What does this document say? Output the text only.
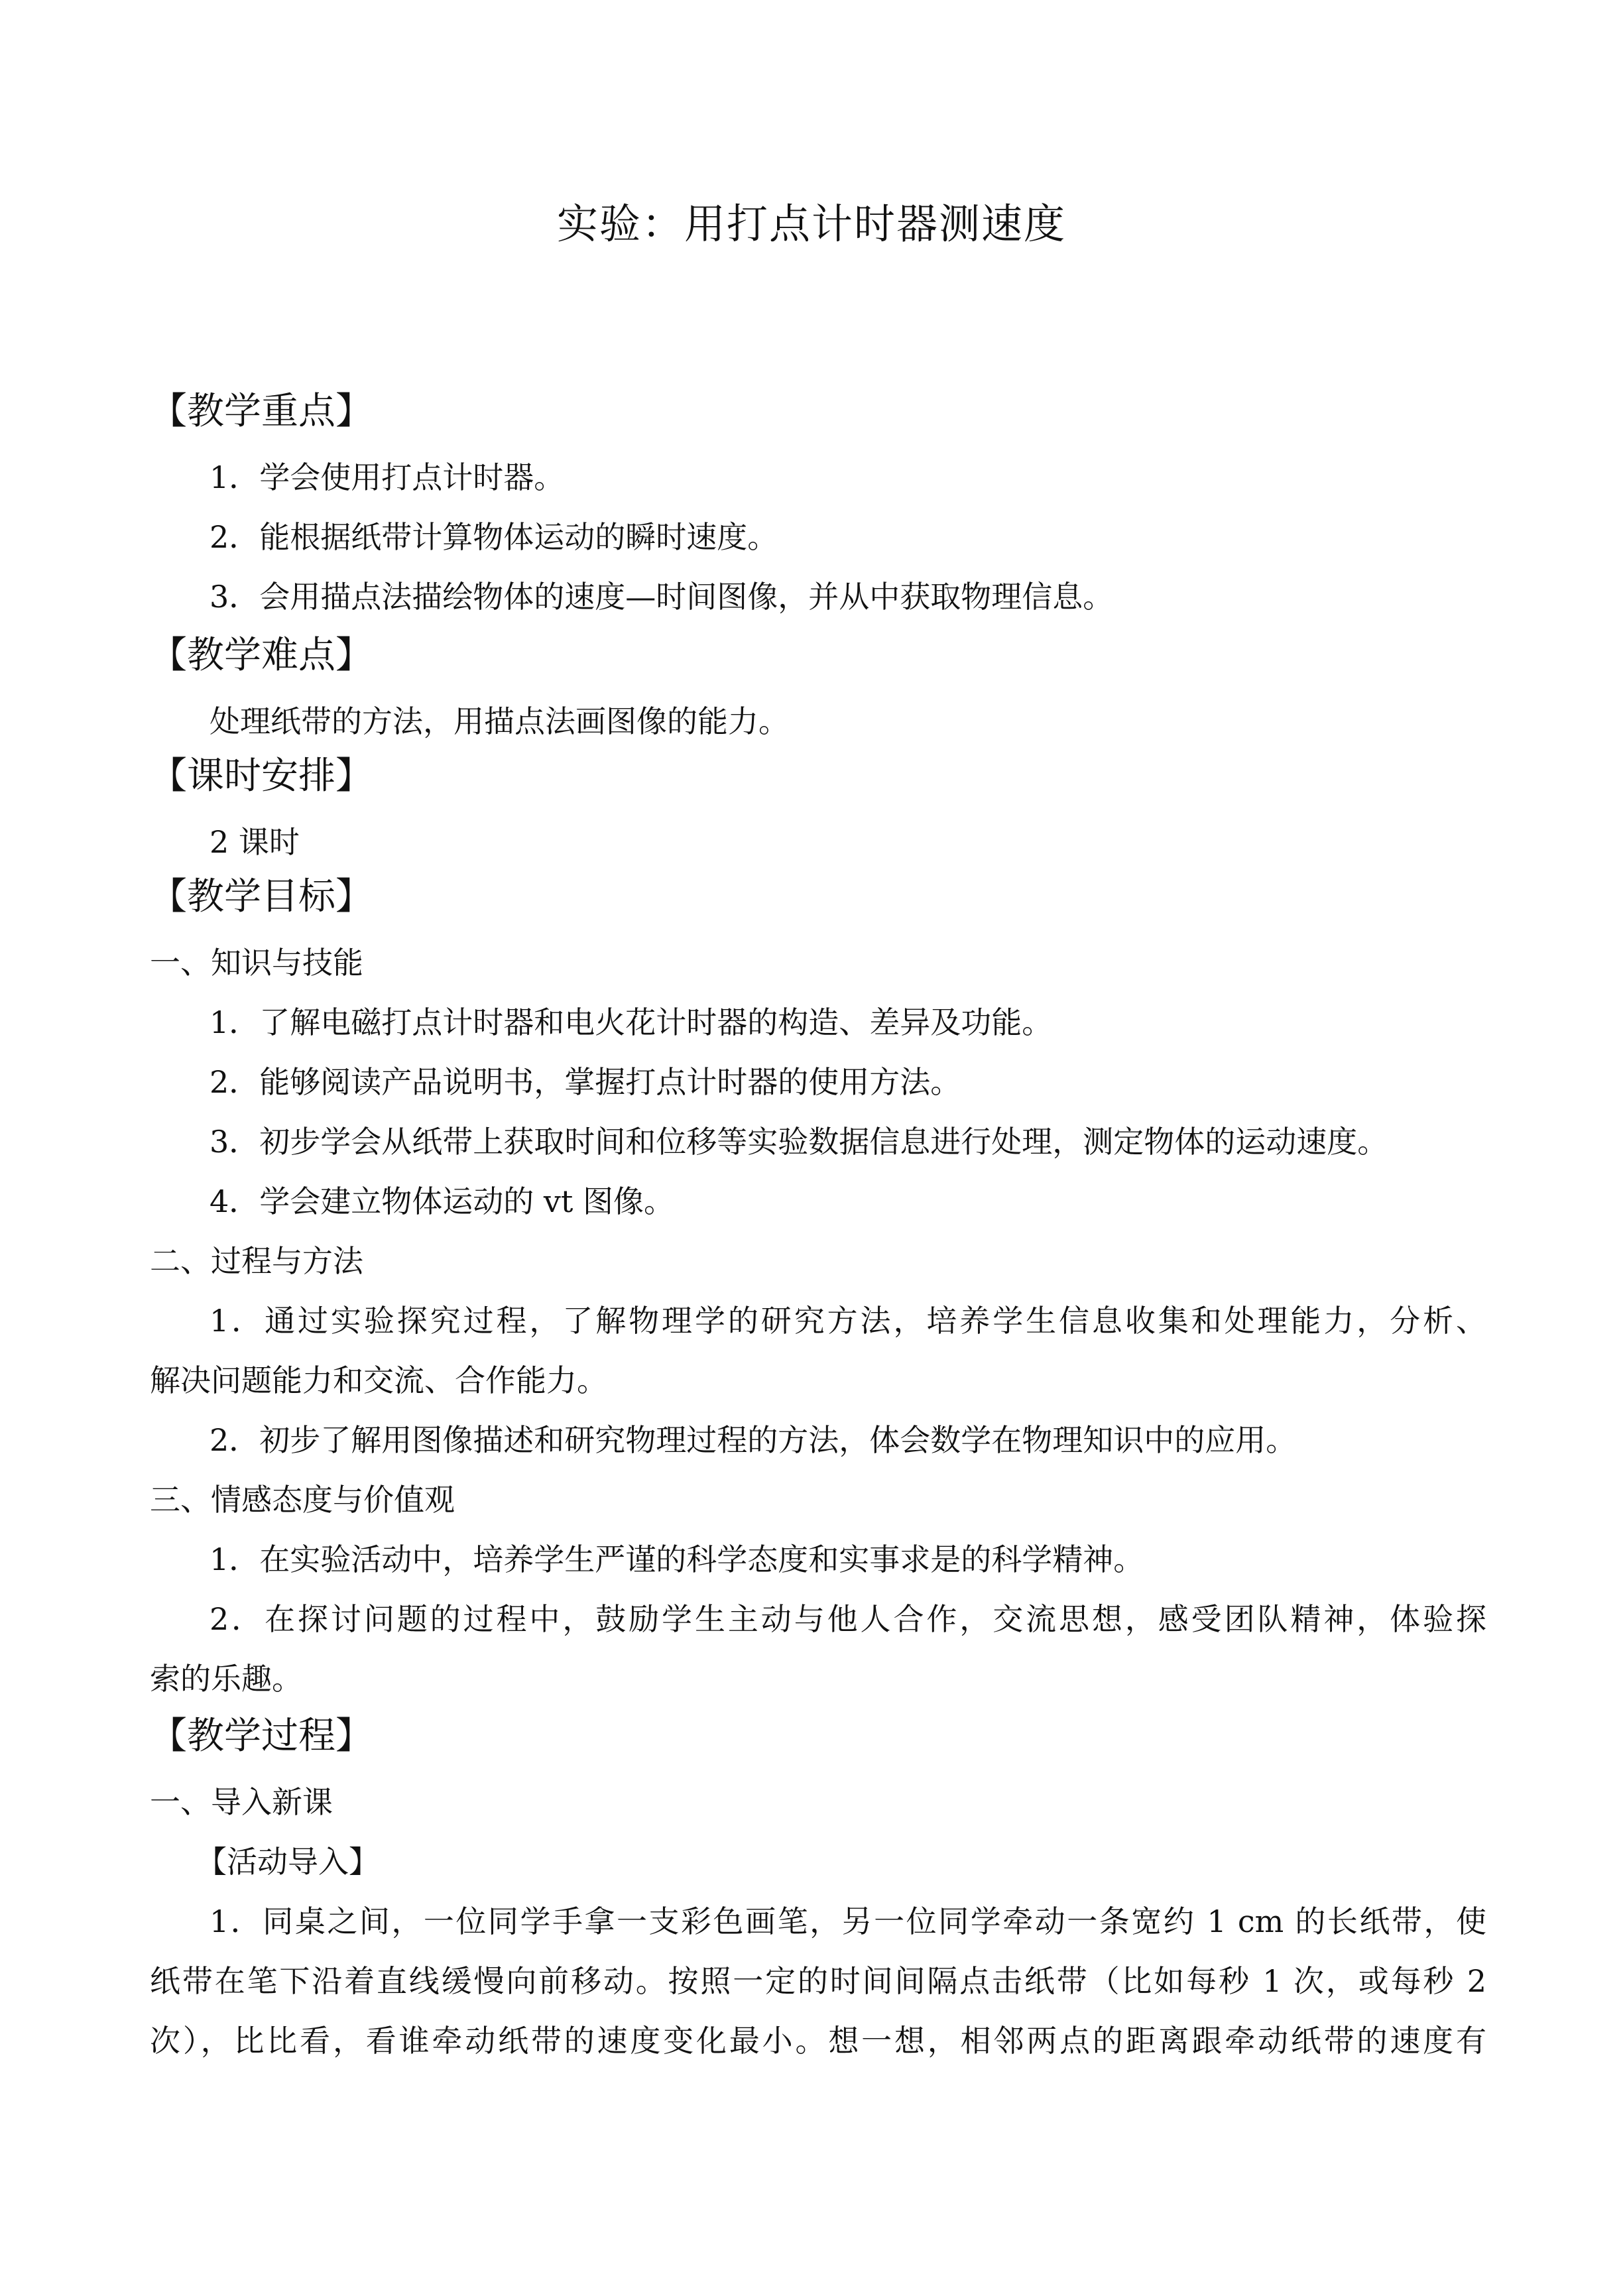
实验：用打点计时器测速度
【教学重点】
1．学会使用打点计时器。
2．能根据纸带计算物体运动的瞬时速度。
3．会用描点法描绘物体的速度—时间图像，并从中获取物理信息。
【教学难点】
处理纸带的方法，用描点法画图像的能力。
【课时安排】
2 课时
【教学目标】
一、知识与技能
1．了解电磁打点计时器和电火花计时器的构造、差异及功能。
2．能够阅读产品说明书，掌握打点计时器的使用方法。
3．初步学会从纸带上获取时间和位移等实验数据信息进行处理，测定物体的运动速度。
4．学会建立物体运动的 vt 图像。
二、过程与方法
1．通过实验探究过程，了解物理学的研究方法，培养学生信息收集和处理能力，分析、
解决问题能力和交流、合作能力。
2．初步了解用图像描述和研究物理过程的方法，体会数学在物理知识中的应用。
三、情感态度与价值观
1．在实验活动中，培养学生严谨的科学态度和实事求是的科学精神。
2．在探讨问题的过程中，鼓励学生主动与他人合作，交流思想，感受团队精神，体验探
索的乐趣。
【教学过程】
一、导入新课
【活动导入】
1．同桌之间，一位同学手拿一支彩色画笔，另一位同学牵动一条宽约 1 cm 的长纸带，使
纸带在笔下沿着直线缓慢向前移动。按照一定的时间间隔点击纸带（比如每秒 1 次，或每秒 2
次），比比看，看谁牵动纸带的速度变化最小。想一想，相邻两点的距离跟牵动纸带的速度有
